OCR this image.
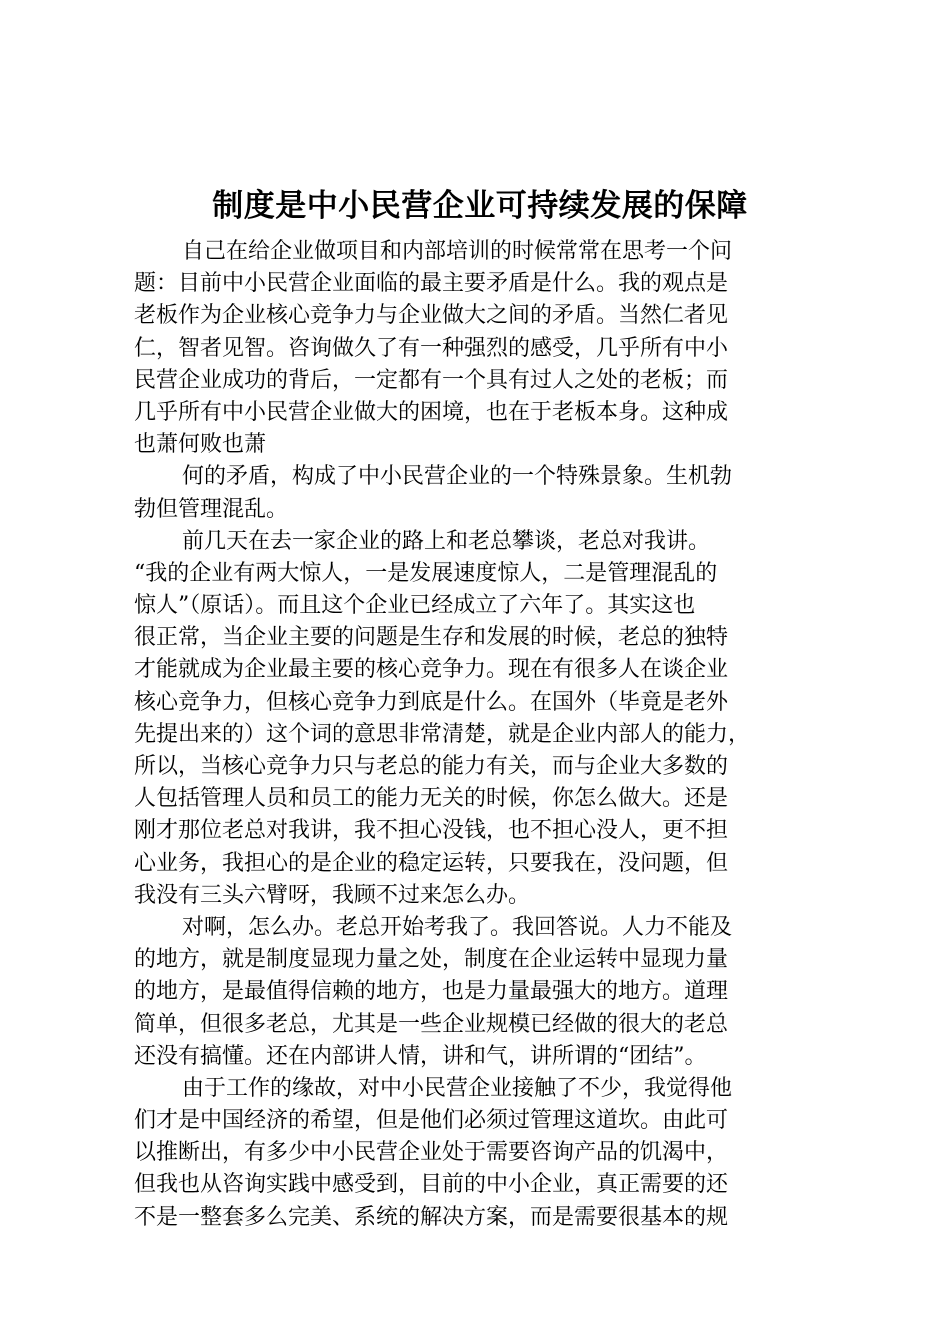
制度是中小民营企业可持续发展的保障
自己在给企业做项目和内部培训的时候常常在思考一个问
题：目前中小民营企业面临的最主要矛盾是什么。我的观点是
老板作为企业核心竞争力与企业做大之间的矛盾。当然仁者见
仁，智者见智。咨询做久了有一种强烈的感受，几乎所有中小
民营企业成功的背后，一定都有一个具有过人之处的老板；而
几乎所有中小民营企业做大的困境，也在于老板本身。这种成
也萧何败也萧
何的矛盾，构成了中小民营企业的一个特殊景象。生机勃
勃但管理混乱。
前几天在去一家企业的路上和老总攀谈，老总对我讲。
“我的企业有两大惊人，一是发展速度惊人，二是管理混乱的
惊人”（原话）。而且这个企业已经成立了六年了。其实这也
很正常，当企业主要的问题是生存和发展的时候，老总的独特
才能就成为企业最主要的核心竞争力。现在有很多人在谈企业
核心竞争力，但核心竞争力到底是什么。在国外（毕竟是老外
先提出来的）这个词的意思非常清楚，就是企业内部人的能力，
所以，当核心竞争力只与老总的能力有关，而与企业大多数的
人包括管理人员和员工的能力无关的时候，你怎么做大。还是
刚才那位老总对我讲，我不担心没钱，也不担心没人，更不担
心业务，我担心的是企业的稳定运转，只要我在，没问题，但
我没有三头六臂呀，我顾不过来怎么办。
对啊，怎么办。老总开始考我了。我回答说。人力不能及
的地方，就是制度显现力量之处，制度在企业运转中显现力量
的地方，是最值得信赖的地方，也是力量最强大的地方。道理
简单，但很多老总，尤其是一些企业规模已经做的很大的老总
还没有搞懂。还在内部讲人情，讲和气，讲所谓的“团结”。
由于工作的缘故，对中小民营企业接触了不少，我觉得他
们才是中国经济的希望，但是他们必须过管理这道坎。由此可
以推断出，有多少中小民营企业处于需要咨询产品的饥渴中，
但我也从咨询实践中感受到，目前的中小企业，真正需要的还
不是一整套多么完美、系统的解决方案，而是需要很基本的规
